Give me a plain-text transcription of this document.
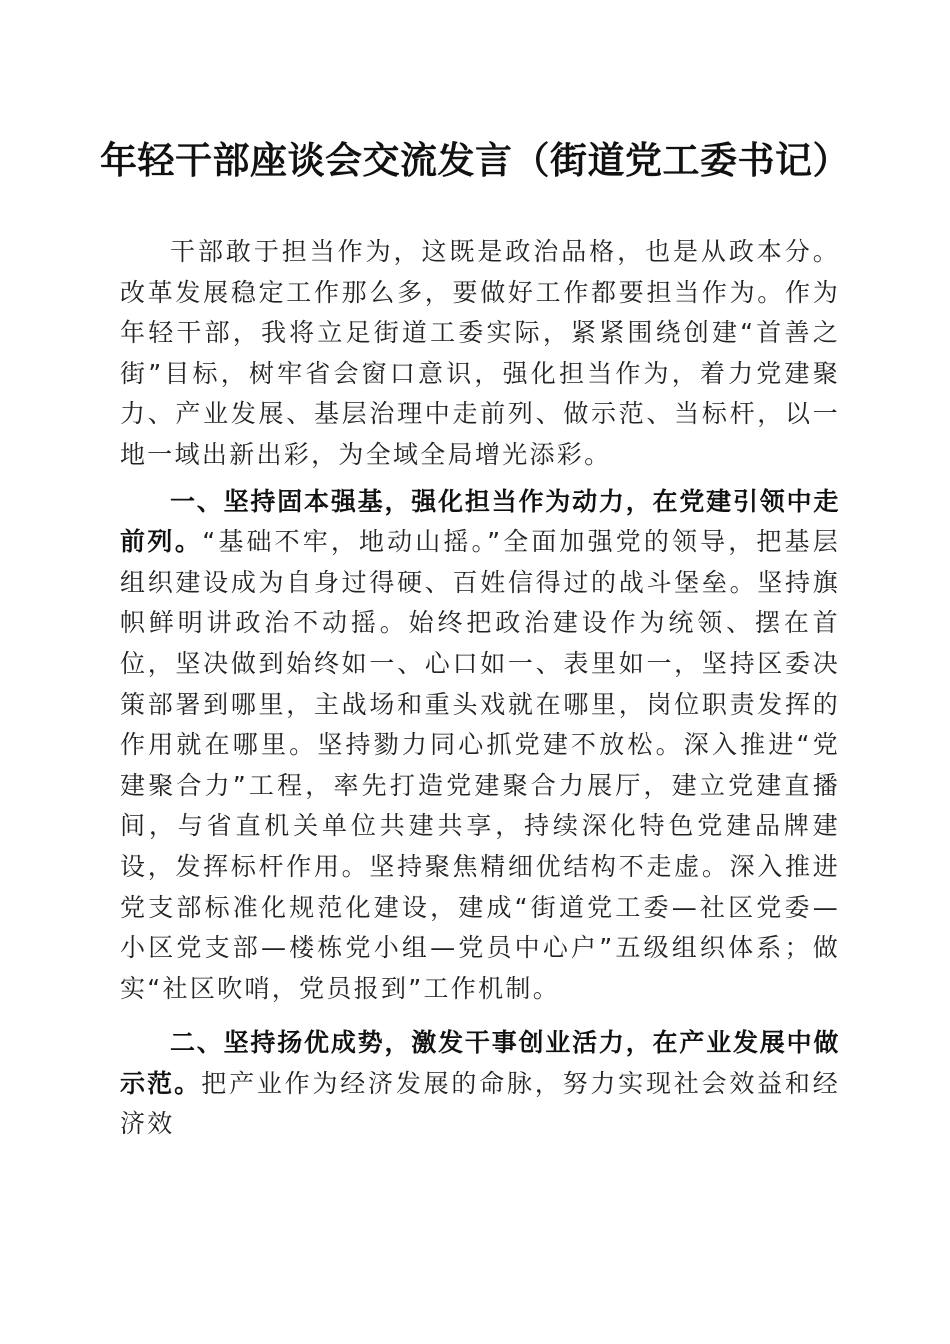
年轻干部座谈会交流发言（街道党工委书记）

干部敢于担当作为，这既是政治品格，也是从政本分。改革发展稳定工作那么多，要做好工作都要担当作为。作为年轻干部，我将立足街道工委实际，紧紧围绕创建“首善之街”目标，树牢省会窗口意识，强化担当作为，着力党建聚力、产业发展、基层治理中走前列、做示范、当标杆，以一地一域出新出彩，为全域全局增光添彩。

一、坚持固本强基，强化担当作为动力，在党建引领中走前列。“基础不牢，地动山摇。”全面加强党的领导，把基层组织建设成为自身过得硬、百姓信得过的战斗堡垒。坚持旗帜鲜明讲政治不动摇。始终把政治建设作为统领、摆在首位，坚决做到始终如一、心口如一、表里如一，坚持区委决策部署到哪里，主战场和重头戏就在哪里，岗位职责发挥的作用就在哪里。坚持勠力同心抓党建不放松。深入推进“党建聚合力”工程，率先打造党建聚合力展厅，建立党建直播间，与省直机关单位共建共享，持续深化特色党建品牌建设，发挥标杆作用。坚持聚焦精细优结构不走虚。深入推进党支部标准化规范化建设，建成“街道党工委—社区党委—小区党支部—楼栋党小组—党员中心户”五级组织体系；做实“社区吹哨，党员报到”工作机制。

二、坚持扬优成势，激发干事创业活力，在产业发展中做示范。把产业作为经济发展的命脉，努力实现社会效益和经济效
